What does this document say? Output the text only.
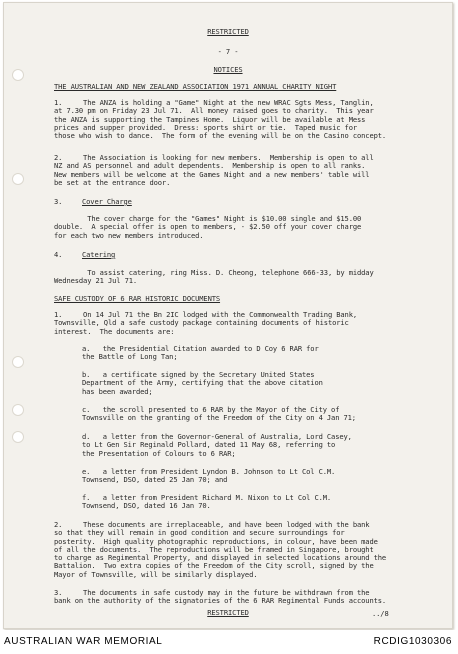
RESTRICTED
- 7 -
NOTICES
THE AUSTRALIAN AND NEW ZEALAND ASSOCIATION 1971 ANNUAL CHARITY NIGHT
1.     The ANZA is holding a "Game" Night at the new WRAC Sgts Mess, Tanglin,
at 7.30 pm on Friday 23 Jul 71.  All money raised goes to charity.  This year
the ANZA is supporting the Tampines Home.  Liquor will be available at Mess
prices and supper provided.  Dress: sports shirt or tie.  Taped music for
those who wish to dance.  The form of the evening will be on the Casino concept.
2.     The Association is looking for new members.  Membership is open to all
NZ and AS personnel and adult dependents.  Membership is open to all ranks.
New members will be welcome at the Games Night and a new members' table will
be set at the entrance door.
3.	Cover Charge
The cover charge for the "Games" Night is $10.00 single and $15.00
double.  A special offer is open to members, - $2.50 off your cover charge
for each two new members introduced.
4.	Catering
To assist catering, ring Miss. D. Cheong, telephone 666-33, by midday
Wednesday 21 Jul 71.
SAFE CUSTODY OF 6 RAR HISTORIC DOCUMENTS
1.     On 14 Jul 71 the Bn 2IC lodged with the Commonwealth Trading Bank,
Townsville, Qld a safe custody package containing documents of historic
interest.  The documents are:
a.   the Presidential Citation awarded to D Coy 6 RAR for
the Battle of Long Tan;
b.   a certificate signed by the Secretary United States
Department of the Army, certifying that the above citation
has been awarded;
c.   the scroll presented to 6 RAR by the Mayor of the City of
Townsville on the granting of the Freedom of the City on 4 Jan 71;
d.   a letter from the Governor-General of Australia, Lord Casey,
to Lt Gen Sir Reginald Pollard, dated 11 May 68, referring to
the Presentation of Colours to 6 RAR;
e.   a letter from President Lyndon B. Johnson to Lt Col C.M.
Townsend, DSO, dated 25 Jan 70; and
f.   a letter from President Richard M. Nixon to Lt Col C.M.
Townsend, DSO, dated 16 Jan 70.
2.     These documents are irreplaceable, and have been lodged with the bank
so that they will remain in good condition and secure surroundings for
posterity.  High quality photographic reproductions, in colour, have been made
of all the documents.  The reproductions will be framed in Singapore, brought
to charge as Regimental Property, and displayed in selected locations around the
Battalion.  Two extra copies of the Freedom of the City scroll, signed by the
Mayor of Townsville, will be similarly displayed.
3.     The documents in safe custody may in the future be withdrawn from the
bank on the authority of the signatories of the 6 RAR Regimental Funds accounts.
RESTRICTED	../8
AUSTRALIAN WAR MEMORIAL	RCDIG1030306
